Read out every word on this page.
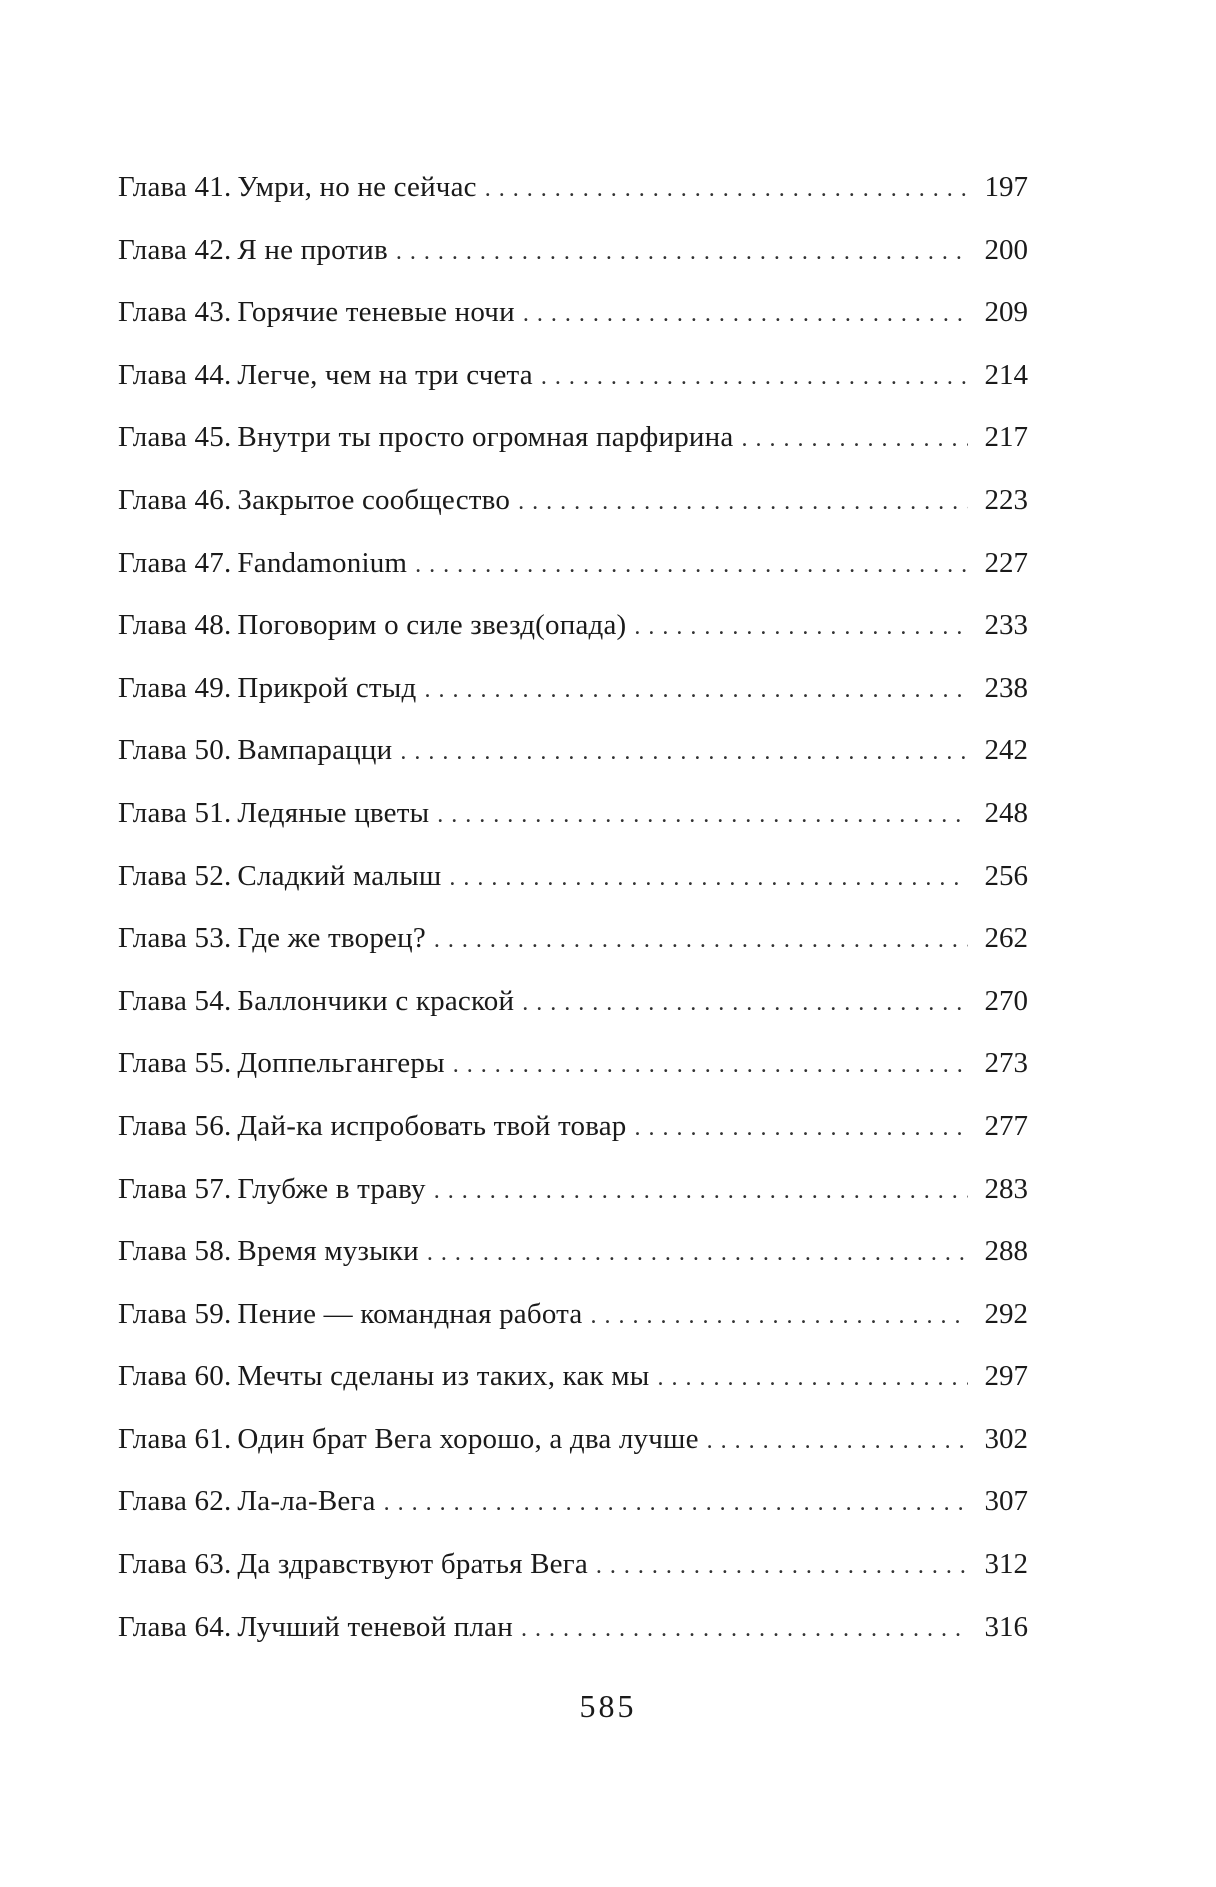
Глава 41. Умри, но не сейчас . . .	197
Глава 42. Я не против . . .	200
Глава 43. Горячие теневые ночи . . .	209
Глава 44. Легче, чем на три счета . . .	214
Глава 45. Внутри ты просто огромная парфирина . . .	217
Глава 46. Закрытое сообщество . . .	223
Глава 47. Fandamonium . . .	227
Глава 48. Поговорим о силе звезд(опада) . . .	233
Глава 49. Прикрой стыд . . .	238
Глава 50. Вампарацци . . .	242
Глава 51. Ледяные цветы . . .	248
Глава 52. Сладкий малыш . . .	256
Глава 53. Где же творец? . . .	262
Глава 54. Баллончики с краской . . .	270
Глава 55. Доппельгангеры . . .	273
Глава 56. Дай-ка испробовать твой товар . . .	277
Глава 57. Глубже в траву . . .	283
Глава 58. Время музыки . . .	288
Глава 59. Пение — командная работа . . .	292
Глава 60. Мечты сделаны из таких, как мы . . .	297
Глава 61. Один брат Вега хорошо, а два лучше . . .	302
Глава 62. Ла-ла-Вега . . .	307
Глава 63. Да здравствуют братья Вега . . .	312
Глава 64. Лучший теневой план . . .	316
585
